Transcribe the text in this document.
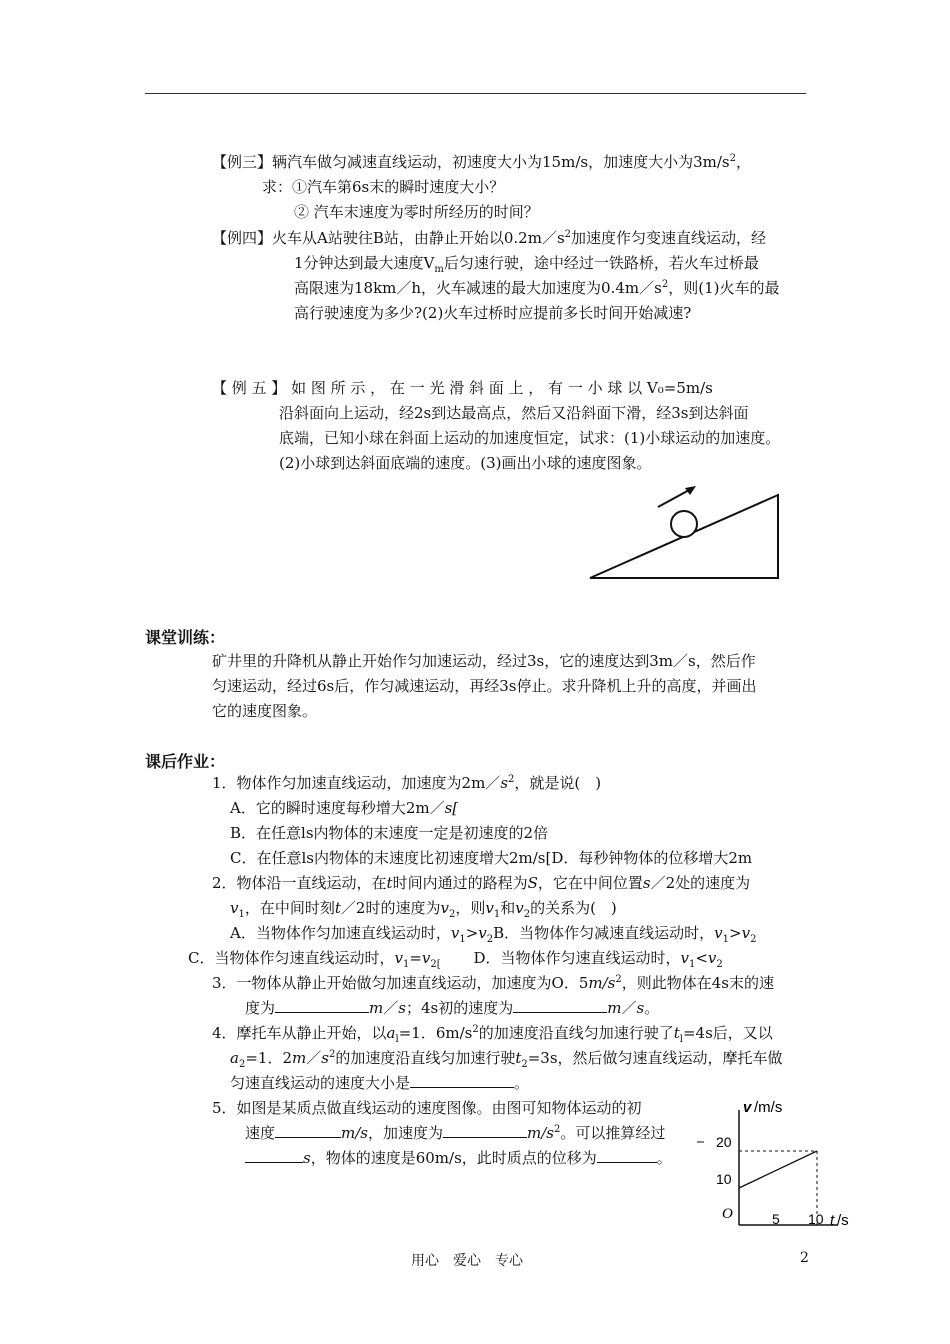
【例三】辆汽车做匀减速直线运动，初速度大小为15m/s，加速度大小为$3m/s^2$，
求：①汽车第6s末的瞬时速度大小？
② 汽车末速度为零时所经历的时间？
【例四】火车从A站驶往B站，由静止开始以$0.2m/s^2$加速度作匀变速直线运动，经
1分钟达到最大速度$V_m$后匀速行驶，途中经过一铁路桥，若火车过桥最
高限速为18km／h，火车减速的最大加速度为$0.4m/s^2$，则(1)火车的最
高行驶速度为多少?(2)火车过桥时应提前多长时间开始减速?
【 例 五 】 如 图 所 示 ， 在 一 光 滑 斜 面 上 ， 有 一 小 球 以 V₀=5m/s
沿斜面向上运动，经2s到达最高点，然后又沿斜面下滑，经3s到达斜面
底端，已知小球在斜面上运动的加速度恒定，试求：(1)小球运动的加速度。
(2)小球到达斜面底端的速度。(3)画出小球的速度图象。
课堂训练：
矿井里的升降机从静止开始作匀加速运动，经过3s，它的速度达到3m／s，然后作
匀速运动，经过6s后，作匀减速运动，再经3s停止。求升降机上升的高度，并画出
它的速度图象。
课后作业：
1．物体作匀加速直线运动，加速度为$2m/s^2$，就是说(　)
A．它的瞬时速度每秒增大2m／s[
B．在任意ls内物体的末速度一定是初速度的2倍
C．在任意ls内物体的末速度比初速度增大2m/s[D．每秒钟物体的位移增大2m
2．物体沿一直线运动，在t时间内通过的路程为S，它在中间位置s／2处的速度为
$v_1$，在中间时刻t／2时的速度为$v_2$，则$v_1$和$v_2$的关系为(　)
A．当物体作匀加速直线运动时，$v_1>v_2B$．当物体作匀减速直线运动时，$v_1>v_2$
C．当物体作匀速直线运动时，$v_1=v_{2[}$ D．当物体作匀速直线运动时，$v_1<v_2$
3．一物体从静止开始做匀加速直线运动，加速度为O．$5m/s^2$，则此物体在4s末的速
度为	m／s；4s初的速度为	m／s。
4．摩托车从静止开始，以$a_l=1$．$6m/s^2$的加速度沿直线匀加速行驶了$t_l=4s$后，又以
$a_2=1$．$2m/s^2$的加速度沿直线匀加速行驶$t_2=3s$，然后做匀速直线运动，摩托车做
匀速直线运动的速度大小是	。
5．如图是某质点做直线运动的速度图像。由图可知物体运动的初
速度	m/s，加速度为	$m/s^2$。可以推算经过
s，物体的速度是60m/s，此时质点的位移为	。
v /m/s
t /s
O
10
20
5 10
用心　爱心　专心	2
